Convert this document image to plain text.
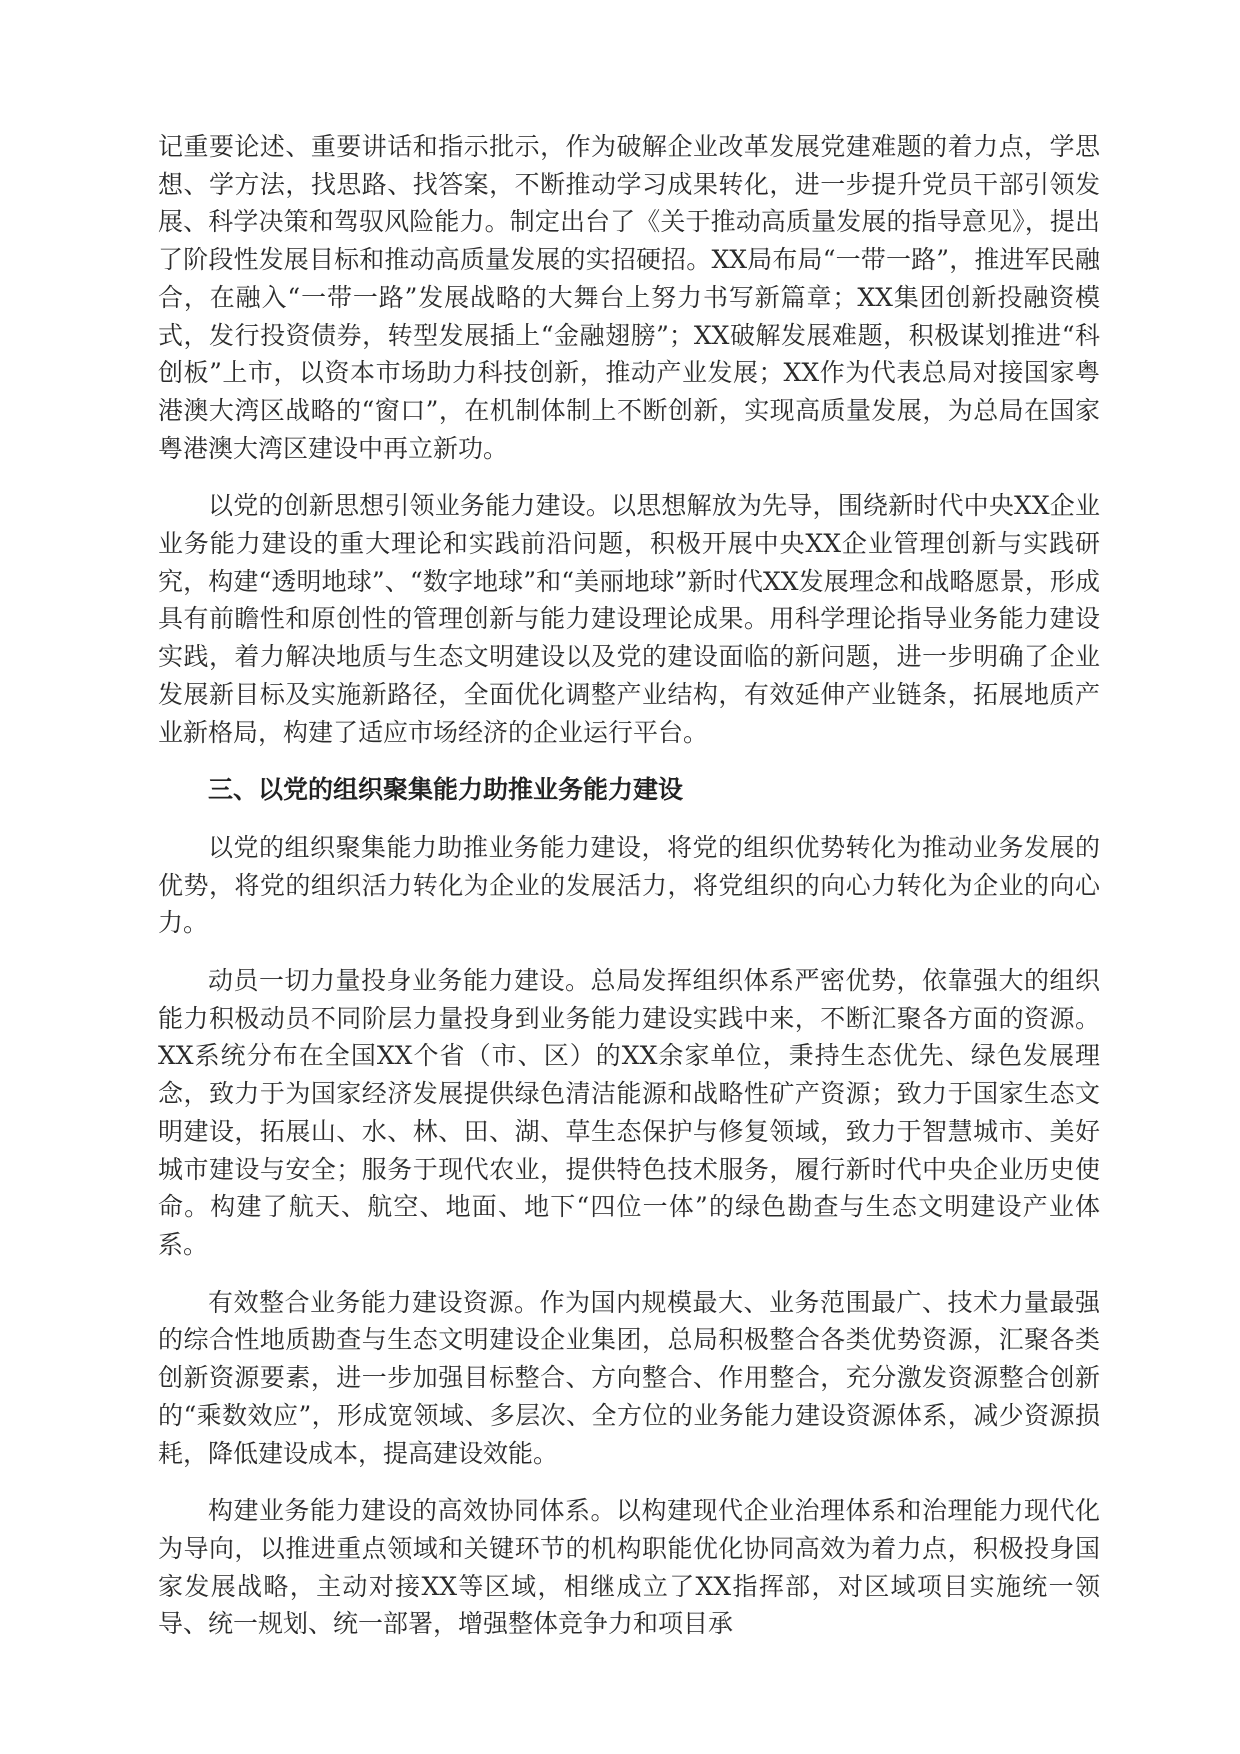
记重要论述、重要讲话和指示批示，作为破解企业改革发展党建难题的着力点，学思想、学方法，找思路、找答案，不断推动学习成果转化，进一步提升党员干部引领发展、科学决策和驾驭风险能力。制定出台了《关于推动高质量发展的指导意见》，提出了阶段性发展目标和推动高质量发展的实招硬招。XX局布局“一带一路”，推进军民融合，在融入“一带一路”发展战略的大舞台上努力书写新篇章；XX集团创新投融资模式，发行投资债券，转型发展插上“金融翅膀”；XX破解发展难题，积极谋划推进“科创板”上市，以资本市场助力科技创新，推动产业发展；XX作为代表总局对接国家粤港澳大湾区战略的“窗口”，在机制体制上不断创新，实现高质量发展，为总局在国家粤港澳大湾区建设中再立新功。

以党的创新思想引领业务能力建设。以思想解放为先导，围绕新时代中央XX企业业务能力建设的重大理论和实践前沿问题，积极开展中央XX企业管理创新与实践研究，构建“透明地球”、“数字地球”和“美丽地球”新时代XX发展理念和战略愿景，形成具有前瞻性和原创性的管理创新与能力建设理论成果。用科学理论指导业务能力建设实践，着力解决地质与生态文明建设以及党的建设面临的新问题，进一步明确了企业发展新目标及实施新路径，全面优化调整产业结构，有效延伸产业链条，拓展地质产业新格局，构建了适应市场经济的企业运行平台。

三、以党的组织聚集能力助推业务能力建设

以党的组织聚集能力助推业务能力建设，将党的组织优势转化为推动业务发展的优势，将党的组织活力转化为企业的发展活力，将党组织的向心力转化为企业的向心力。

动员一切力量投身业务能力建设。总局发挥组织体系严密优势，依靠强大的组织能力积极动员不同阶层力量投身到业务能力建设实践中来，不断汇聚各方面的资源。XX系统分布在全国XX个省（市、区）的XX余家单位，秉持生态优先、绿色发展理念，致力于为国家经济发展提供绿色清洁能源和战略性矿产资源；致力于国家生态文明建设，拓展山、水、林、田、湖、草生态保护与修复领域，致力于智慧城市、美好城市建设与安全；服务于现代农业，提供特色技术服务，履行新时代中央企业历史使命。构建了航天、航空、地面、地下“四位一体”的绿色勘查与生态文明建设产业体系。

有效整合业务能力建设资源。作为国内规模最大、业务范围最广、技术力量最强的综合性地质勘查与生态文明建设企业集团，总局积极整合各类优势资源，汇聚各类创新资源要素，进一步加强目标整合、方向整合、作用整合，充分激发资源整合创新的“乘数效应”，形成宽领域、多层次、全方位的业务能力建设资源体系，减少资源损耗，降低建设成本，提高建设效能。

构建业务能力建设的高效协同体系。以构建现代企业治理体系和治理能力现代化为导向，以推进重点领域和关键环节的机构职能优化协同高效为着力点，积极投身国家发展战略，主动对接XX等区域，相继成立了XX指挥部，对区域项目实施统一领导、统一规划、统一部署，增强整体竞争力和项目承
